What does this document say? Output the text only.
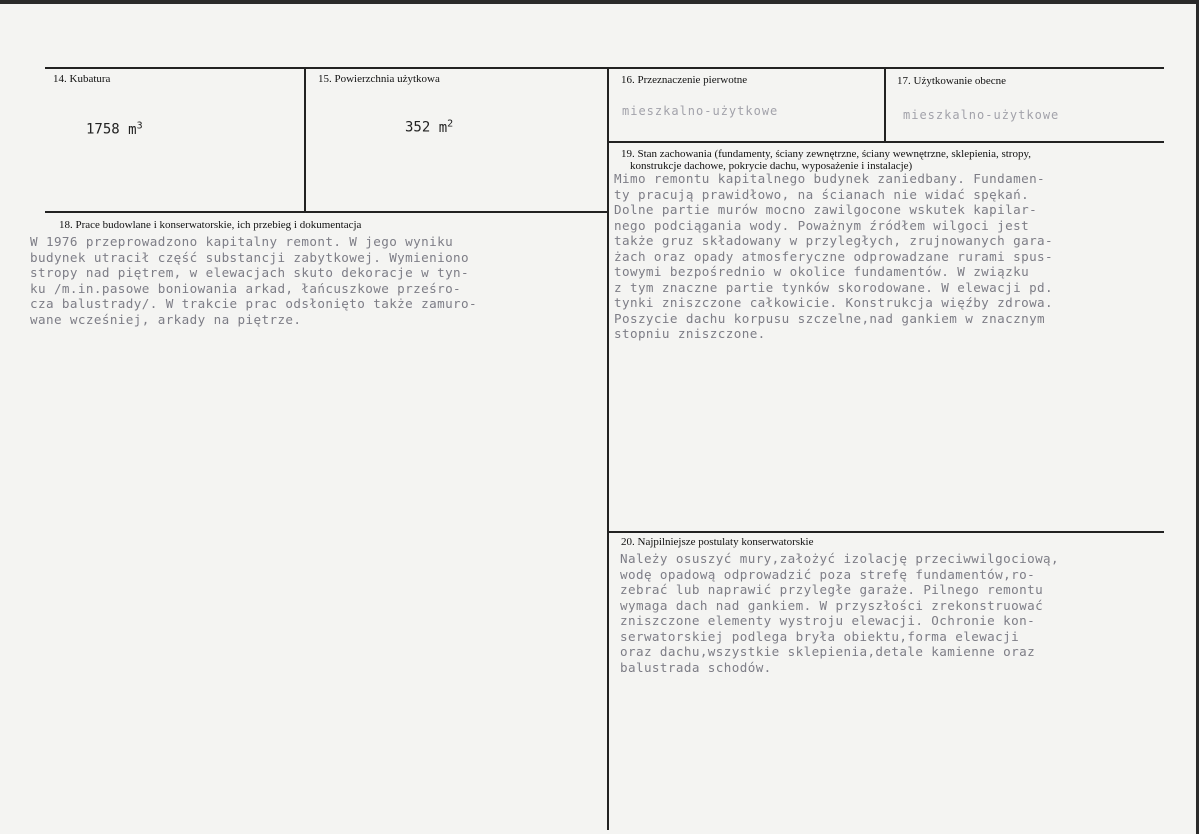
14. Kubatura
1758 $m^3$
15. Powierzchnia użytkowa
352 $m^2$
16. Przeznaczenie pierwotne
mieszkalno-użytkowe
17. Użytkowanie obecne
mieszkalno-użytkowe
19. Stan zachowania (fundamenty, ściany zewnętrzne, ściany wewnętrzne, sklepienia, stropy,
konstrukcje dachowe, pokrycie dachu, wyposażenie i instalacje)
Mimo remontu kapitalnego budynek zaniedbany. Fundamen-
ty pracują prawidłowo, na ścianach nie widać spękań.
Dolne partie murów mocno zawilgocone wskutek kapilar-
nego podciągania wody. Poważnym źródłem wilgoci jest
także gruz składowany w przyległych, zrujnowanych gara-
żach oraz opady atmosferyczne odprowadzane rurami spus-
towymi bezpośrednio w okolice fundamentów. W związku
z tym znaczne partie tynków skorodowane. W elewacji pd.
tynki zniszczone całkowicie. Konstrukcja więźby zdrowa.
Poszycie dachu korpusu szczelne,nad gankiem w znacznym
stopniu zniszczone.
18. Prace budowlane i konserwatorskie, ich przebieg i dokumentacja
W 1976 przeprowadzono kapitalny remont. W jego wyniku
budynek utracił część substancji zabytkowej. Wymieniono
stropy nad piętrem, w elewacjach skuto dekoracje w tyn-
ku /m.in.pasowe boniowania arkad, łańcuszkowe prześro-
cza balustrady/. W trakcie prac odsłonięto także zamuro-
wane wcześniej, arkady na piętrze.
20. Najpilniejsze postulaty konserwatorskie
Należy osuszyć mury,założyć izolację przeciwwilgociową,
wodę opadową odprowadzić poza strefę fundamentów,ro-
zebrać lub naprawić przyległe garaże. Pilnego remontu
wymaga dach nad gankiem. W przyszłości zrekonstruować
zniszczone elementy wystroju elewacji. Ochronie kon-
serwatorskiej podlega bryła obiektu,forma elewacji
oraz dachu,wszystkie sklepienia,detale kamienne oraz
balustrada schodów.
